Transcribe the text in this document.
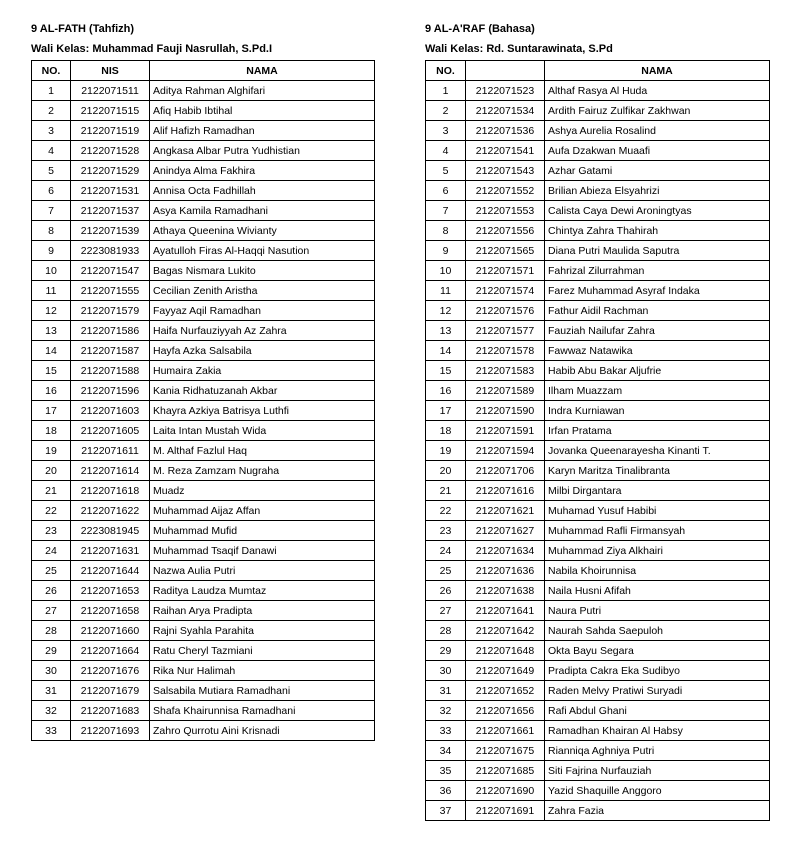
9 AL-FATH (Tahfizh)
Wali Kelas: Muhammad Fauji Nasrullah, S.Pd.I
NO.	NIS	NAMA
1	2122071511	Aditya Rahman Alghifari
2	2122071515	Afiq Habib Ibtihal
3	2122071519	Alif Hafizh Ramadhan
4	2122071528	Angkasa Albar Putra Yudhistian
5	2122071529	Anindya Alma Fakhira
6	2122071531	Annisa Octa Fadhillah
7	2122071537	Asya Kamila Ramadhani
8	2122071539	Athaya Queenina Wivianty
9	2223081933	Ayatulloh Firas Al-Haqqi Nasution
10	2122071547	Bagas Nismara Lukito
11	2122071555	Cecilian Zenith Aristha
12	2122071579	Fayyaz Aqil Ramadhan
13	2122071586	Haifa Nurfauziyyah Az Zahra
14	2122071587	Hayfa Azka Salsabila
15	2122071588	Humaira Zakia
16	2122071596	Kania Ridhatuzanah Akbar
17	2122071603	Khayra Azkiya Batrisya Luthfi
18	2122071605	Laita Intan Mustah Wida
19	2122071611	M. Althaf Fazlul Haq
20	2122071614	M. Reza Zamzam Nugraha
21	2122071618	Muadz
22	2122071622	Muhammad Aijaz Affan
23	2223081945	Muhammad Mufid
24	2122071631	Muhammad Tsaqif Danawi
25	2122071644	Nazwa Aulia Putri
26	2122071653	Raditya Laudza Mumtaz
27	2122071658	Raihan Arya Pradipta
28	2122071660	Rajni Syahla Parahita
29	2122071664	Ratu Cheryl Tazmiani
30	2122071676	Rika Nur Halimah
31	2122071679	Salsabila Mutiara Ramadhani
32	2122071683	Shafa Khairunnisa Ramadhani
33	2122071693	Zahro Qurrotu Aini Krisnadi
9 AL-A'RAF (Bahasa)
Wali Kelas: Rd. Suntarawinata, S.Pd
NO.		NAMA
1	2122071523	Althaf Rasya Al Huda
2	2122071534	Ardith Fairuz Zulfikar Zakhwan
3	2122071536	Ashya Aurelia Rosalind
4	2122071541	Aufa Dzakwan Muaafi
5	2122071543	Azhar Gatami
6	2122071552	Brilian Abieza Elsyahrizi
7	2122071553	Calista Caya Dewi Aroningtyas
8	2122071556	Chintya Zahra Thahirah
9	2122071565	Diana Putri Maulida Saputra
10	2122071571	Fahrizal Zilurrahman
11	2122071574	Farez Muhammad Asyraf Indaka
12	2122071576	Fathur Aidil Rachman
13	2122071577	Fauziah Nailufar Zahra
14	2122071578	Fawwaz Natawika
15	2122071583	Habib Abu Bakar Aljufrie
16	2122071589	Ilham Muazzam
17	2122071590	Indra Kurniawan
18	2122071591	Irfan Pratama
19	2122071594	Jovanka Queenarayesha Kinanti T.
20	2122071706	Karyn Maritza Tinalibranta
21	2122071616	Milbi Dirgantara
22	2122071621	Muhamad Yusuf Habibi
23	2122071627	Muhammad Rafli Firmansyah
24	2122071634	Muhammad Ziya Alkhairi
25	2122071636	Nabila Khoirunnisa
26	2122071638	Naila Husni Afifah
27	2122071641	Naura Putri
28	2122071642	Naurah Sahda Saepuloh
29	2122071648	Okta Bayu Segara
30	2122071649	Pradipta Cakra Eka Sudibyo
31	2122071652	Raden Melvy Pratiwi Suryadi
32	2122071656	Rafi Abdul Ghani
33	2122071661	Ramadhan Khairan Al Habsy
34	2122071675	Rianniqa Aghniya Putri
35	2122071685	Siti Fajrina Nurfauziah
36	2122071690	Yazid Shaquille Anggoro
37	2122071691	Zahra Fazia
